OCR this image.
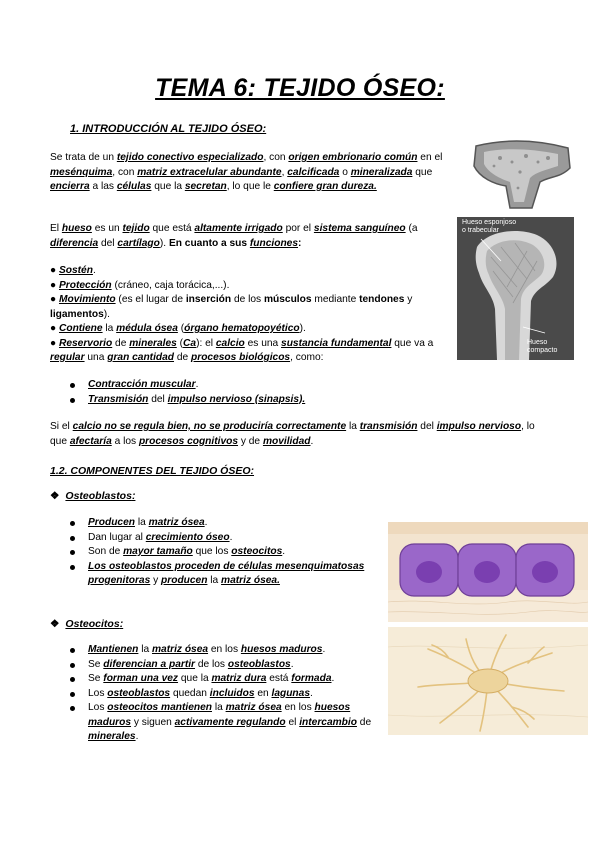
TEMA 6: TEJIDO ÓSEO:
1. INTRODUCCIÓN AL TEJIDO ÓSEO:
Se trata de un tejido conectivo especializado, con origen embrionario común en el mesénquima, con matriz extracelular abundante, calcificada o mineralizada que encierra a las células que la secretan, lo que le confiere gran dureza.
El hueso es un tejido que está altamente irrigado por el sistema sanguíneo (a diferencia del cartílago). En cuanto a sus funciones:
● Sostén.
● Protección (cráneo, caja torácica,...).
● Movimiento (es el lugar de inserción de los músculos mediante tendones y ligamentos).
● Contiene la médula ósea (órgano hematopoyético).
● Reservorio de minerales (Ca): el calcio es una sustancia fundamental que va a regular una gran cantidad de procesos biológicos, como:
Contracción muscular.
Transmisión del impulso nervioso (sinapsis).
Si el calcio no se regula bien, no se produciría correctamente la transmisión del impulso nervioso, lo que afectaría a los procesos cognitivos y de movilidad.
1.2. COMPONENTES DEL TEJIDO ÓSEO:
❖ Osteoblastos:
Producen la matriz ósea.
Dan lugar al crecimiento óseo.
Son de mayor tamaño que los osteocitos.
Los osteoblastos proceden de células mesenquimatosas progenitoras y producen la matriz ósea.
❖ Osteocitos:
Mantienen la matriz ósea en los huesos maduros.
Se diferencian a partir de los osteoblastos.
Se forman una vez que la matriz dura está formada.
Los osteoblastos quedan incluidos en lagunas.
Los osteocitos mantienen la matriz ósea en los huesos maduros y siguen activamente regulando el intercambio de minerales.
Hueso esponjoso o trabecular
Hueso compacto
